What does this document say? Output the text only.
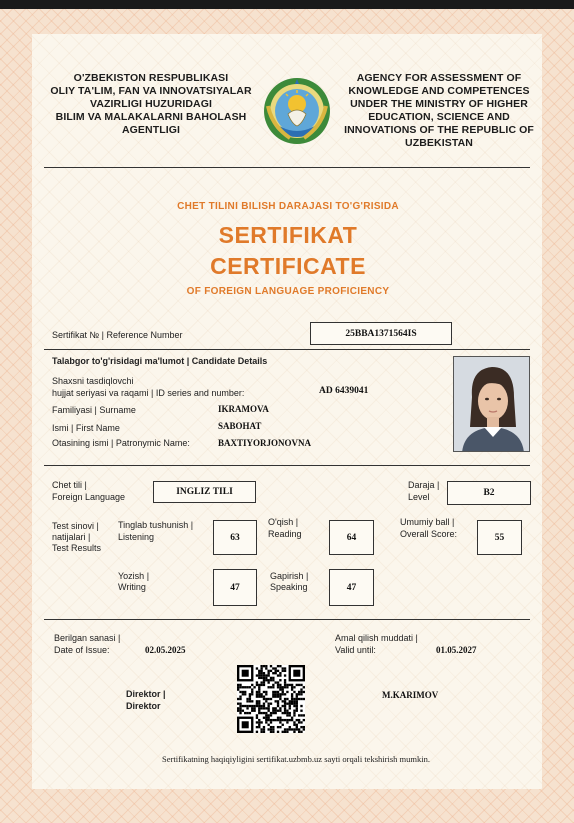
O'ZBEKISTON RESPUBLIKASI
OLIY TA'LIM, FAN VA INNOVATSIYALAR
VAZIRLIGI HUZURIDAGI
BILIM VA MALAKALARNI BAHOLASH
AGENTLIGI
AGENCY FOR ASSESSMENT OF
KNOWLEDGE AND COMPETENCES
UNDER THE MINISTRY OF HIGHER
EDUCATION, SCIENCE AND
INNOVATIONS OF THE REPUBLIC OF
UZBEKISTAN
CHET TILINI BILISH DARAJASI TO'G'RISIDA
SERTIFIKAT
CERTIFICATE
OF FOREIGN LANGUAGE PROFICIENCY
Sertifikat № | Reference Number	25BBA1371564IS
Talabgor to'g'risidagi ma'lumot | Candidate Details
Shaxsni tasdiqlovchi
hujjat seriyasi va raqami | ID series and number:	AD 6439041
Familiyasi | Surname	IKRAMOVA
Ismi | First Name	SABOHAT
Otasining ismi | Patronymic Name:	BAXTIYORJONOVNA
Chet tili |
Foreign Language	INGLIZ TILI
Daraja |
Level	B2
Test sinovi |
natijalari |
Test Results
Tinglab tushunish |
Listening	63
O'qish |
Reading	64
Umumiy ball |
Overall Score:	55
Yozish |
Writing	47
Gapirish |
Speaking	47
Berilgan sanasi |
Date of Issue:	02.05.2025
Amal qilish muddati |
Valid until:	01.05.2027
Direktor |
Direktor
M.KARIMOV
Sertifikatning haqiqiyligini sertifikat.uzbmb.uz sayti orqali tekshirish mumkin.
